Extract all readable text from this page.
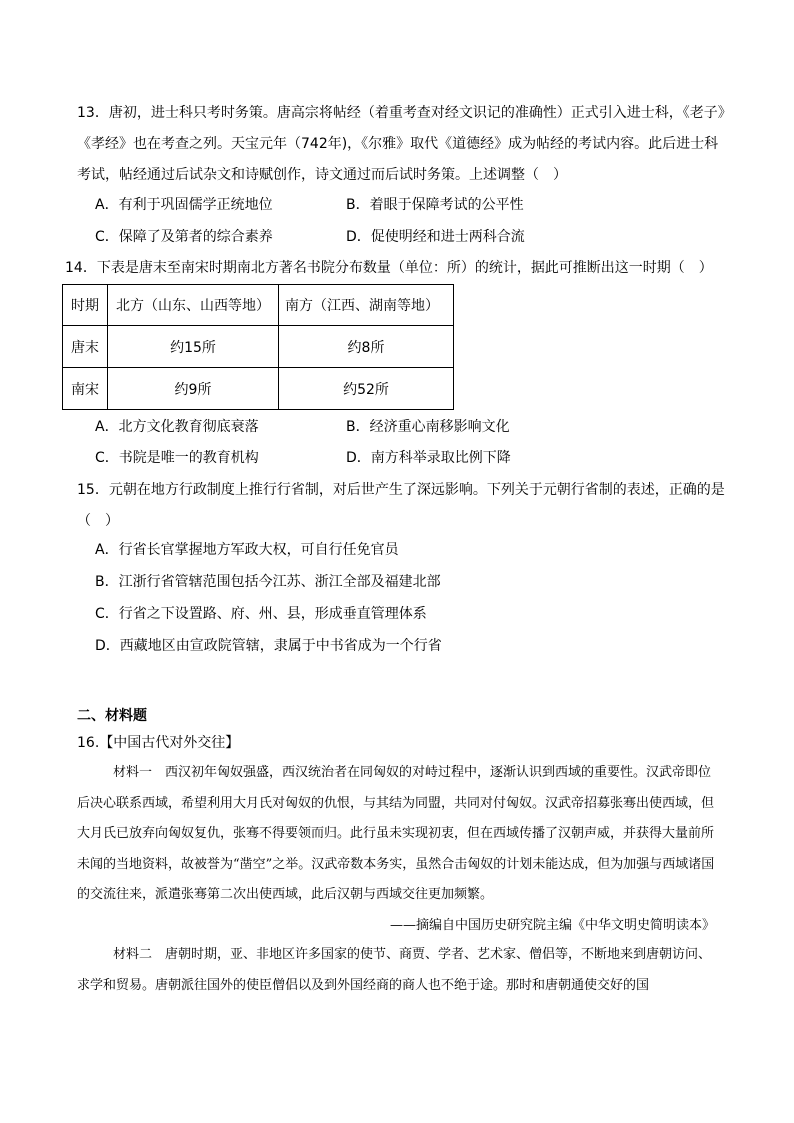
13．唐初，进士科只考时务策。唐高宗将帖经（着重考查对经文识记的准确性）正式引入进士科，《老子》《孝经》也在考查之列。天宝元年（742年)，《尔雅》取代《道德经》成为帖经的考试内容。此后进士科考试，帖经通过后试杂文和诗赋创作，诗文通过而后试时务策。上述调整（　）

A．有利于巩固儒学正统地位	B．着眼于保障考试的公平性
C．保障了及第者的综合素养	D．促使明经和进士两科合流

14．下表是唐末至南宋时期南北方著名书院分布数量（单位：所）的统计，据此可推断出这一时期（　）

时期	北方（山东、山西等地）	南方（江西、湖南等地）
唐末	约15所	约8所
南宋	约9所	约52所
A．北方文化教育彻底衰落	B．经济重心南移影响文化
C．书院是唯一的教育机构	D．南方科举录取比例下降

15．元朝在地方行政制度上推行行省制，对后世产生了深远影响。下列关于元朝行省制的表述，正确的是（　）

A．行省长官掌握地方军政大权，可自行任免官员
B．江浙行省管辖范围包括今江苏、浙江全部及福建北部
C．行省之下设置路、府、州、县，形成垂直管理体系
D．西藏地区由宣政院管辖，隶属于中书省成为一个行省
二、材料题
16.【中国古代对外交往】

材料一　西汉初年匈奴强盛，西汉统治者在同匈奴的对峙过程中，逐渐认识到西域的重要性。汉武帝即位后决心联系西域，希望利用大月氏对匈奴的仇恨，与其结为同盟，共同对付匈奴。汉武帝招募张骞出使西域，但大月氏已放弃向匈奴复仇，张骞不得要领而归。此行虽未实现初衷，但在西域传播了汉朝声威，并获得大量前所未闻的当地资料，故被誉为“凿空”之举。汉武帝数本务实，虽然合击匈奴的计划未能达成，但为加强与西域诸国的交流往来，派遣张骞第二次出使西域，此后汉朝与西域交往更加频繁。

——摘编自中国历史研究院主编《中华文明史简明读本》

材料二　唐朝时期，亚、非地区许多国家的使节、商贾、学者、艺术家、僧侣等，不断地来到唐朝访问、求学和贸易。唐朝派往国外的使臣僧侣以及到外国经商的商人也不绝于途。那时和唐朝通使交好的国
